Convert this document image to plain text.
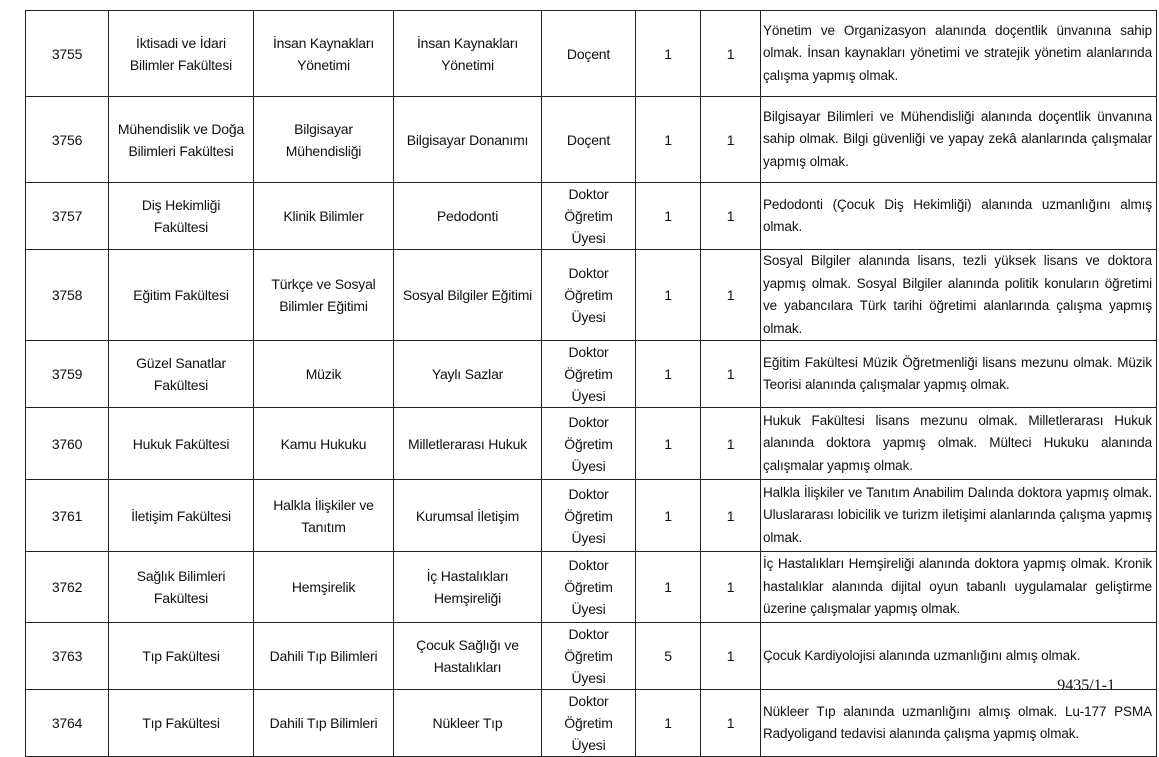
3755	İktisadi ve İdari Bilimler Fakültesi	İnsan Kaynakları Yönetimi	İnsan Kaynakları Yönetimi	Doçent	1	1	Yönetim ve Organizasyon alanında doçentlik ünvanına sahip olmak. İnsan kaynakları yönetimi ve stratejik yönetim alanlarında çalışma yapmış olmak.
3756	Mühendislik ve Doğa Bilimleri Fakültesi	Bilgisayar Mühendisliği	Bilgisayar Donanımı	Doçent	1	1	Bilgisayar Bilimleri ve Mühendisliği alanında doçentlik ünvanına sahip olmak. Bilgi güvenliği ve yapay zekâ alanlarında çalışmalar yapmış olmak.
3757	Diş Hekimliği Fakültesi	Klinik Bilimler	Pedodonti	Doktor Öğretim Üyesi	1	1	Pedodonti (Çocuk Diş Hekimliği) alanında uzmanlığını almış olmak.
3758	Eğitim Fakültesi	Türkçe ve Sosyal Bilimler Eğitimi	Sosyal Bilgiler Eğitimi	Doktor Öğretim Üyesi	1	1	Sosyal Bilgiler alanında lisans, tezli yüksek lisans ve doktora yapmış olmak. Sosyal Bilgiler alanında politik konuların öğretimi ve yabancılara Türk tarihi öğretimi alanlarında çalışma yapmış olmak.
3759	Güzel Sanatlar Fakültesi	Müzik	Yaylı Sazlar	Doktor Öğretim Üyesi	1	1	Eğitim Fakültesi Müzik Öğretmenliği lisans mezunu olmak. Müzik Teorisi alanında çalışmalar yapmış olmak.
3760	Hukuk Fakültesi	Kamu Hukuku	Milletlerarası Hukuk	Doktor Öğretim Üyesi	1	1	Hukuk Fakültesi lisans mezunu olmak. Milletlerarası Hukuk alanında doktora yapmış olmak. Mülteci Hukuku alanında çalışmalar yapmış olmak.
3761	İletişim Fakültesi	Halkla İlişkiler ve Tanıtım	Kurumsal İletişim	Doktor Öğretim Üyesi	1	1	Halkla İlişkiler ve Tanıtım Anabilim Dalında doktora yapmış olmak. Uluslararası lobicilik ve turizm iletişimi alanlarında çalışma yapmış olmak.
3762	Sağlık Bilimleri Fakültesi	Hemşirelik	İç Hastalıkları Hemşireliği	Doktor Öğretim Üyesi	1	1	İç Hastalıkları Hemşireliği alanında doktora yapmış olmak. Kronik hastalıklar alanında dijital oyun tabanlı uygulamalar geliştirme üzerine çalışmalar yapmış olmak.
3763	Tıp Fakültesi	Dahili Tıp Bilimleri	Çocuk Sağlığı ve Hastalıkları	Doktor Öğretim Üyesi	5	1	Çocuk Kardiyolojisi alanında uzmanlığını almış olmak.
3764	Tıp Fakültesi	Dahili Tıp Bilimleri	Nükleer Tıp	Doktor Öğretim Üyesi	1	1	Nükleer Tıp alanında uzmanlığını almış olmak. Lu-177 PSMA Radyoligand tedavisi alanında çalışma yapmış olmak.
9435/1-1
